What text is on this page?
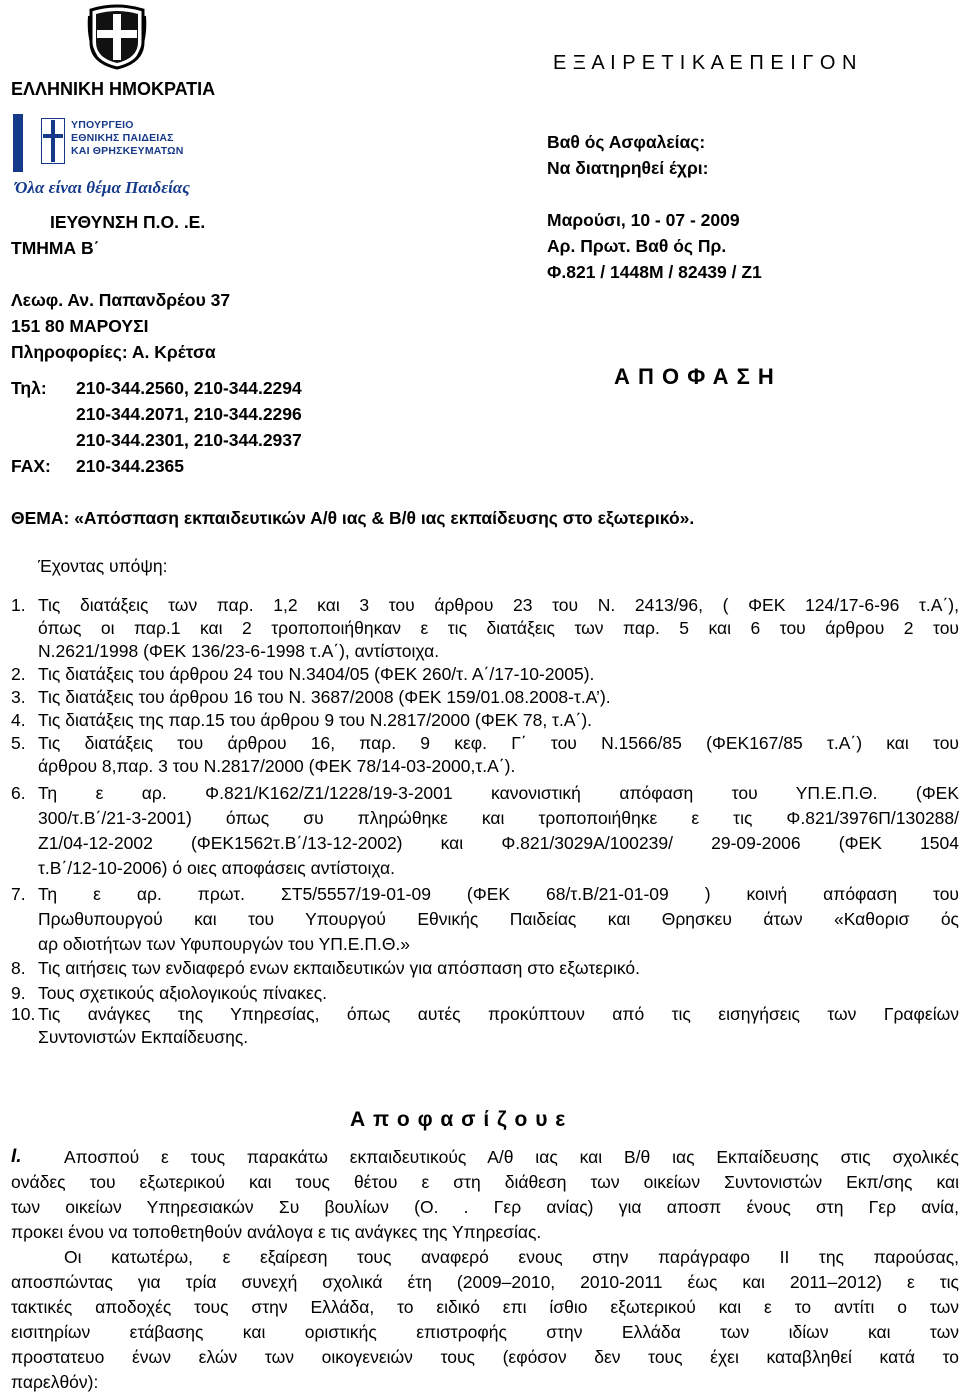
ΕΛΛΗΝΙΚΗ ΗΜΟΚΡΑΤΙΑ
ΥΠΟΥΡΓΕΙΟ
ΕΘΝΙΚΗΣ ΠΑΙΔΕΙΑΣ
ΚΑΙ ΘΡΗΣΚΕΥΜΑΤΩΝ
Όλα είναι θέμα Παιδείας
ΙΕΥΘΥΝΣΗ Π.Ο. .Ε.
ΤΜΗΜΑ Β΄
Λεωφ. Αν. Παπανδρέου 37
151 80 ΜΑΡΟΥΣΙ
Πληροφορίες: Α. Κρέτσα
Τηλ: 210-344.2560, 210-344.2294
210-344.2071, 210-344.2296
210-344.2301, 210-344.2937
FAX: 210-344.2365
Ε Ξ Α Ι Ρ Ε Τ Ι Κ Α Ε Π Ε Ι Γ Ο Ν
Βαθ ός Ασφαλείας:
Να διατηρηθεί έχρι:
Μαρούσι, 10 - 07 - 2009
Αρ. Πρωτ. Βαθ ός Πρ.
Φ.821 / 1448Μ / 82439 / Ζ1
Α Π Ο Φ Α Σ Η
ΘΕΜΑ: «Απόσπαση εκπαιδευτικών Α/θ ιας & Β/θ ιας εκπαίδευσης στο εξωτερικό».
Έχοντας υπόψη:
1. Τις διατάξεις των παρ. 1,2 και 3 του άρθρου 23 του Ν. 2413/96, ( ΦΕΚ 124/17-6-96 τ.Α΄),
όπως οι παρ.1 και 2 τροποποιήθηκαν ε τις διατάξεις των παρ. 5 και 6 του άρθρου 2 του
Ν.2621/1998 (ΦΕΚ 136/23-6-1998 τ.Α΄), αντίστοιχα.
2. Τις διατάξεις του άρθρου 24 του Ν.3404/05 (ΦΕΚ 260/τ. Α΄/17-10-2005).
3. Τις διατάξεις του άρθρου 16 του Ν. 3687/2008 (ΦΕΚ 159/01.08.2008-τ.Α’).
4. Τις διατάξεις της παρ.15 του άρθρου 9 του Ν.2817/2000 (ΦΕΚ 78, τ.Α΄).
5. Τις διατάξεις του άρθρου 16, παρ. 9 κεφ. Γ΄ του Ν.1566/85 (ΦΕΚ167/85 τ.Α΄) και του
άρθρου 8,παρ. 3 του Ν.2817/2000 (ΦΕΚ 78/14-03-2000,τ.Α΄).
6. Τη ε αρ. Φ.821/Κ162/Ζ1/1228/19-3-2001 κανονιστική απόφαση του ΥΠ.Ε.Π.Θ. (ΦΕΚ
300/τ.Β΄/21-3-2001) όπως συ πληρώθηκε και τροποποιήθηκε ε τις Φ.821/3976Π/130288/
Ζ1/04-12-2002 (ΦΕΚ1562τ.Β΄/13-12-2002) και Φ.821/3029Α/100239/ 29-09-2006 (ΦΕΚ 1504
τ.Β΄/12-10-2006) ό οιες αποφάσεις αντίστοιχα.
7. Τη ε αρ. πρωτ. ΣΤ5/5557/19-01-09 (ΦΕΚ 68/τ.Β/21-01-09 ) κοινή απόφαση του
Πρωθυπουργού και του Υπουργού Εθνικής Παιδείας και Θρησκευ άτων «Καθορισ ός
αρ οδιοτήτων των Υφυπουργών του ΥΠ.Ε.Π.Θ.»
8. Τις αιτήσεις των ενδιαφερό ενων εκπαιδευτικών για απόσπαση στο εξωτερικό.
9. Τους σχετικούς αξιολογικούς πίνακες.
10. Τις ανάγκες της Υπηρεσίας, όπως αυτές προκύπτουν από τις εισηγήσεις των Γραφείων
Συντονιστών Εκπαίδευσης.
Α π ο φ α σ ί ζ ο υ ε
Ι. Αποσπού ε τους παρακάτω εκπαιδευτικούς Α/θ ιας και Β/θ ιας Εκπαίδευσης στις σχολικές
ονάδες του εξωτερικού και τους θέτου ε στη διάθεση των οικείων Συντονιστών Εκπ/σης και
των οικείων Υπηρεσιακών Συ βουλίων (Ο. . Γερ ανίας) για αποσπ ένους στη Γερ ανία,
προκει ένου να τοποθετηθούν ανάλογα ε τις ανάγκες της Υπηρεσίας.
Οι κατωτέρω, ε εξαίρεση τους αναφερό ενους στην παράγραφο ΙΙ της παρούσας,
αποσπώντας για τρία συνεχή σχολικά έτη (2009–2010, 2010-2011 έως και 2011–2012) ε τις
τακτικές αποδοχές τους στην Ελλάδα, το ειδικό επι ίσθιο εξωτερικού και ε το αντίτι ο των
εισιτηρίων ετάβασης και οριστικής επιστροφής στην Ελλάδα των ιδίων και των
προστατευο ένων ελών των οικογενειών τους (εφόσον δεν τους έχει καταβληθεί κατά το
παρελθόν):
